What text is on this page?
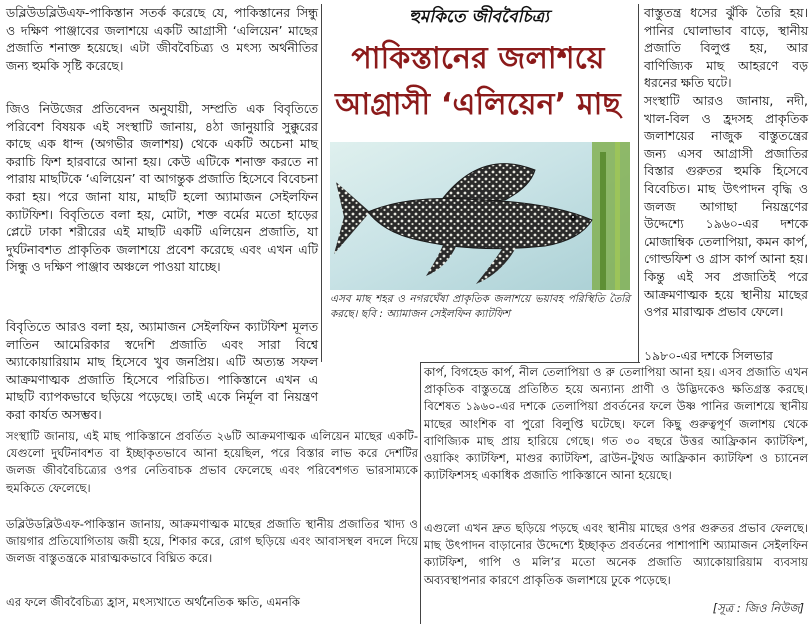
ডব্লিউডব্লিউএফ-পাকিস্তান সতর্ক করেছে যে, পাকিস্তানের সিন্ধু ও দক্ষিণ পাঞ্জাবের জলাশয়ে একটি আগ্রাসী ‘এলিয়েন’ মাছের প্রজাতি শনাক্ত হয়েছে। এটা জীববৈচিত্র্য ও মৎস্য অর্থনীতির জন্য হুমকি সৃষ্টি করেছে।

জিও নিউজের প্রতিবেদন অনুযায়ী, সম্প্রতি এক বিবৃতিতে পরিবেশ বিষয়ক এই সংস্থাটি জানায়, ৪ঠা জানুয়ারি সুক্কুরের কাছে এক ধান্দ (অগভীর জলাশয়) থেকে একটি অচেনা মাছ করাচি ফিশ হারবারে আনা হয়। কেউ এটিকে শনাক্ত করতে না পারায় মাছটিকে ‘এলিয়েন’ বা আগন্তুক প্রজাতি হিসেবে বিবেচনা করা হয়। পরে জানা যায়, মাছটি হলো অ্যামাজন সেইলফিন ক্যাটফিশ। বিবৃতিতে বলা হয়, মোটা, শক্ত বর্মের মতো হাড়ের প্লেটে ঢাকা শরীরের এই মাছটি একটি এলিয়েন প্রজাতি, যা দুর্ঘটনাবশত প্রাকৃতিক জলাশয়ে প্রবেশ করেছে এবং এখন এটি সিন্ধু ও দক্ষিণ পাঞ্জাব অঞ্চলে পাওয়া যাচ্ছে।

বিবৃতিতে আরও বলা হয়, অ্যামাজন সেইলফিন ক্যাটফিশ মূলত লাতিন আমেরিকার স্বদেশি প্রজাতি এবং সারা বিশ্বে অ্যাকোয়ারিয়াম মাছ হিসেবে খুব জনপ্রিয়। এটি অত্যন্ত সফল আক্রমণাত্মক প্রজাতি হিসেবে পরিচিত। পাকিস্তানে এখন এ মাছটি ব্যাপকভাবে ছড়িয়ে পড়েছে। তাই একে নির্মূল বা নিয়ন্ত্রণ করা কার্যত অসম্ভব।

সংস্থাটি জানায়, এই মাছ পাকিস্তানে প্রবর্তিত ২৬টি আক্রমণাত্মক এলিয়েন মাছের একটি- যেগুলো দুর্ঘটনাবশত বা ইচ্ছাকৃতভাবে আনা হয়েছিল, পরে বিস্তার লাভ করে দেশটির জলজ জীববৈচিত্র্যের ওপর নেতিবাচক প্রভাব ফেলেছে এবং পরিবেশগত ভারসাম্যকে হুমকিতে ফেলেছে।

ডব্লিউডব্লিউএফ-পাকিস্তান জানায়, আক্রমণাত্মক মাছের প্রজাতি স্থানীয় প্রজাতির খাদ্য ও জায়গার প্রতিযোগিতায় জয়ী হয়ে, শিকার করে, রোগ ছড়িয়ে এবং আবাসস্থল বদলে দিয়ে জলজ বাস্তুতন্ত্রকে মারাত্মকভাবে বিঘ্নিত করে।

এর ফলে জীববৈচিত্র্য হ্রাস, মৎস্যখাতে অর্থনৈতিক ক্ষতি, এমনকি

হুমকিতে জীববৈচিত্র্য
পাকিস্তানের জলাশয়ে
আগ্রাসী ‘এলিয়েন’ মাছ
এসব মাছ শহর ও নগরঘেঁষা প্রাকৃতিক জলাশয়ে ভয়াবহ পরিস্থিতি তৈরি করছে। ছবি : অ্যামাজন সেইলফিন ক্যাটফিশ

বাস্তুতন্ত্র ধসের ঝুঁকি তৈরি হয়। পানির ঘোলাভাব বাড়ে, স্থানীয় প্রজাতি বিলুপ্ত হয়, আর বাণিজ্যিক মাছ আহরণে বড় ধরনের ক্ষতি ঘটে।

সংস্থাটি আরও জানায়, নদী, খাল-বিল ও হ্রদসহ প্রাকৃতিক জলাশয়ের নাজুক বাস্তুতন্ত্রের জন্য এসব আগ্রাসী প্রজাতির বিস্তার গুরুতর হুমকি হিসেবে বিবেচিত। মাছ উৎপাদন বৃদ্ধি ও জলজ আগাছা নিয়ন্ত্রণের উদ্দেশ্যে ১৯৬০-এর দশকে মোজাম্বিক তেলাপিয়া, কমন কার্প, গোল্ডফিশ ও গ্রাস কার্প আনা হয়। কিন্তু এই সব প্রজাতিই পরে আক্রমণাত্মক হয়ে স্থানীয় মাছের ওপর মারাত্মক প্রভাব ফেলে।

১৯৮০-এর দশকে সিলভার

কার্প, বিগহেড কার্প, নীল তেলাপিয়া ও রু তেলাপিয়া আনা হয়। এসব প্রজাতি এখন প্রাকৃতিক বাস্তুতন্ত্রে প্রতিষ্ঠিত হয়ে অন্যান্য প্রাণী ও উদ্ভিদকেও ক্ষতিগ্রস্ত করছে। বিশেষত ১৯৬০-এর দশকে তেলাপিয়া প্রবর্তনের ফলে উষ্ণ পানির জলাশয়ে স্থানীয় মাছের আংশিক বা পুরো বিলুপ্তি ঘটেছে। ফলে কিছু গুরুত্বপূর্ণ জলাশয় থেকে বাণিজ্যিক মাছ প্রায় হারিয়ে গেছে। গত ৩০ বছরে উত্তর আফ্রিকান ক্যাটফিশ, ওয়াকিং ক্যাটফিশ, মাগুর ক্যাটফিশ, ব্রাউন-টুথড আফ্রিকান ক্যাটফিশ ও চ্যানেল ক্যাটফিশসহ একাধিক প্রজাতি পাকিস্তানে আনা হয়েছে।

এগুলো এখন দ্রুত ছড়িয়ে পড়ছে এবং স্থানীয় মাছের ওপর গুরুতর প্রভাব ফেলছে। মাছ উৎপাদন বাড়ানোর উদ্দেশ্যে ইচ্ছাকৃত প্রবর্তনের পাশাপাশি অ্যামাজন সেইলফিন ক্যাটফিশ, গাপি ও মলি’র মতো অনেক প্রজাতি অ্যাকোয়ারিয়াম ব্যবসায় অব্যবস্থাপনার কারণে প্রাকৃতিক জলাশয়ে ঢুকে পড়েছে।

[সূত্র : জিও নিউজ]
